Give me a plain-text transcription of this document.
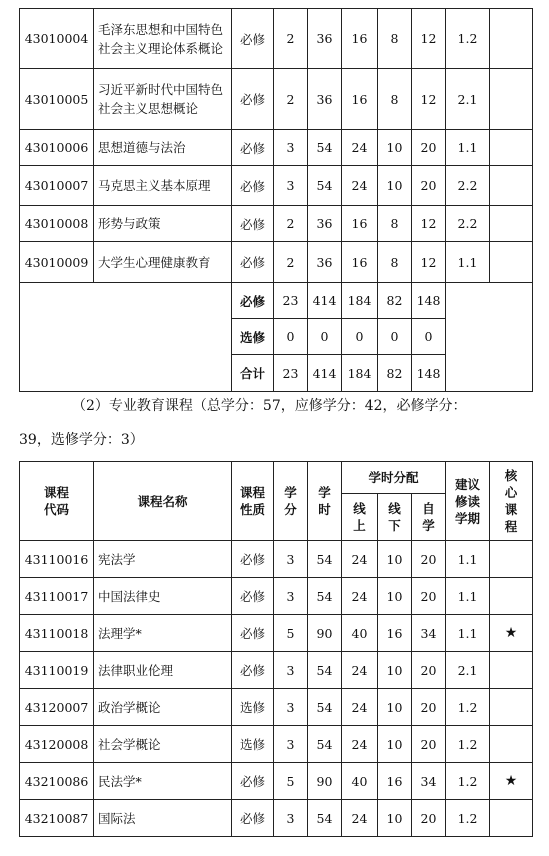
43010004	毛泽东思想和中国特色社会主义理论体系概论	必修	2	36	16	8	12	1.2	
43010005	习近平新时代中国特色社会主义思想概论	必修	2	36	16	8	12	2.1	
43010006	思想道德与法治	必修	3	54	24	10	20	1.1	
43010007	马克思主义基本原理	必修	3	54	24	10	20	2.2	
43010008	形势与政策	必修	2	36	16	8	12	2.2	
43010009	大学生心理健康教育	必修	2	36	16	8	12	1.1	
		必修	23	414	184	82	148		
		选修	0	0	0	0	0		
		合计	23	414	184	82	148		
（2）专业教育课程（总学分：57，应修学分：42，必修学分：
39，选修学分：3）
课程代码	课程名称	课程性质	学分	学时	学时分配			建议修读学期	核心课程
					线上	线下	自学		
43110016	宪法学	必修	3	54	24	10	20	1.1	
43110017	中国法律史	必修	3	54	24	10	20	1.1	
43110018	法理学*	必修	5	90	40	16	34	1.1	★
43110019	法律职业伦理	必修	3	54	24	10	20	2.1	
43120007	政治学概论	选修	3	54	24	10	20	1.2	
43120008	社会学概论	选修	3	54	24	10	20	1.2	
43210086	民法学*	必修	5	90	40	16	34	1.2	★
43210087	国际法	必修	3	54	24	10	20	1.2	
